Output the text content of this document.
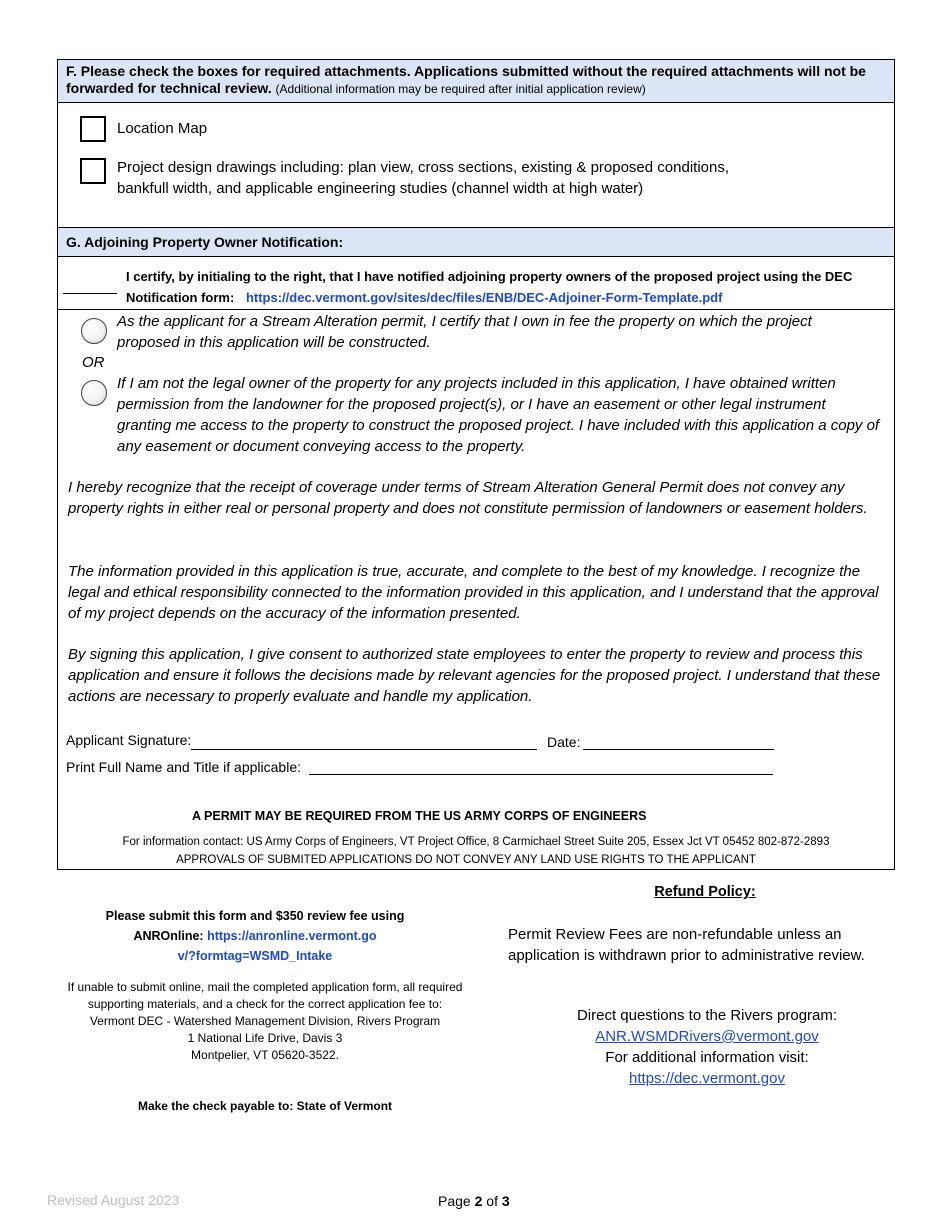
F. Please check the boxes for required attachments. Applications submitted without the required attachments will not be forwarded for technical review. (Additional information may be required after initial application review)
Location Map
Project design drawings including: plan view, cross sections, existing & proposed conditions, bankfull width, and applicable engineering studies (channel width at high water)
G. Adjoining Property Owner Notification:
I certify, by initialing to the right, that I have notified adjoining property owners of the proposed project using the DEC Notification form: https://dec.vermont.gov/sites/dec/files/ENB/DEC-Adjoiner-Form-Template.pdf
As the applicant for a Stream Alteration permit, I certify that I own in fee the property on which the project proposed in this application will be constructed.
OR
If I am not the legal owner of the property for any projects included in this application, I have obtained written permission from the landowner for the proposed project(s), or I have an easement or other legal instrument granting me access to the property to construct the proposed project. I have included with this application a copy of any easement or document conveying access to the property.
I hereby recognize that the receipt of coverage under terms of Stream Alteration General Permit does not convey any property rights in either real or personal property and does not constitute permission of landowners or easement holders.
The information provided in this application is true, accurate, and complete to the best of my knowledge. I recognize the legal and ethical responsibility connected to the information provided in this application, and I understand that the approval of my project depends on the accuracy of the information presented.
By signing this application, I give consent to authorized state employees to enter the property to review and process this application and ensure it follows the decisions made by relevant agencies for the proposed project. I understand that these actions are necessary to properly evaluate and handle my application.
Applicant Signature:	Date:
Print Full Name and Title if applicable:
A PERMIT MAY BE REQUIRED FROM THE US ARMY CORPS OF ENGINEERS
For information contact: US Army Corps of Engineers, VT Project Office, 8 Carmichael Street Suite 205, Essex Jct VT 05452 802-872-2893
APPROVALS OF SUBMITED APPLICATIONS DO NOT CONVEY ANY LAND USE RIGHTS TO THE APPLICANT
Please submit this form and $350 review fee using
ANROnline: https://anronline.vermont.gov/?formtag=WSMD_Intake
If unable to submit online, mail the completed application form, all required supporting materials, and a check for the correct application fee to:
Vermont DEC - Watershed Management Division, Rivers Program
1 National Life Drive, Davis 3
Montpelier, VT 05620-3522.
Make the check payable to: State of Vermont
Refund Policy:
Permit Review Fees are non-refundable unless an application is withdrawn prior to administrative review.
Direct questions to the Rivers program:
ANR.WSMDRivers@vermont.gov
For additional information visit:
https://dec.vermont.gov
Revised August 2023	Page 2 of 3
